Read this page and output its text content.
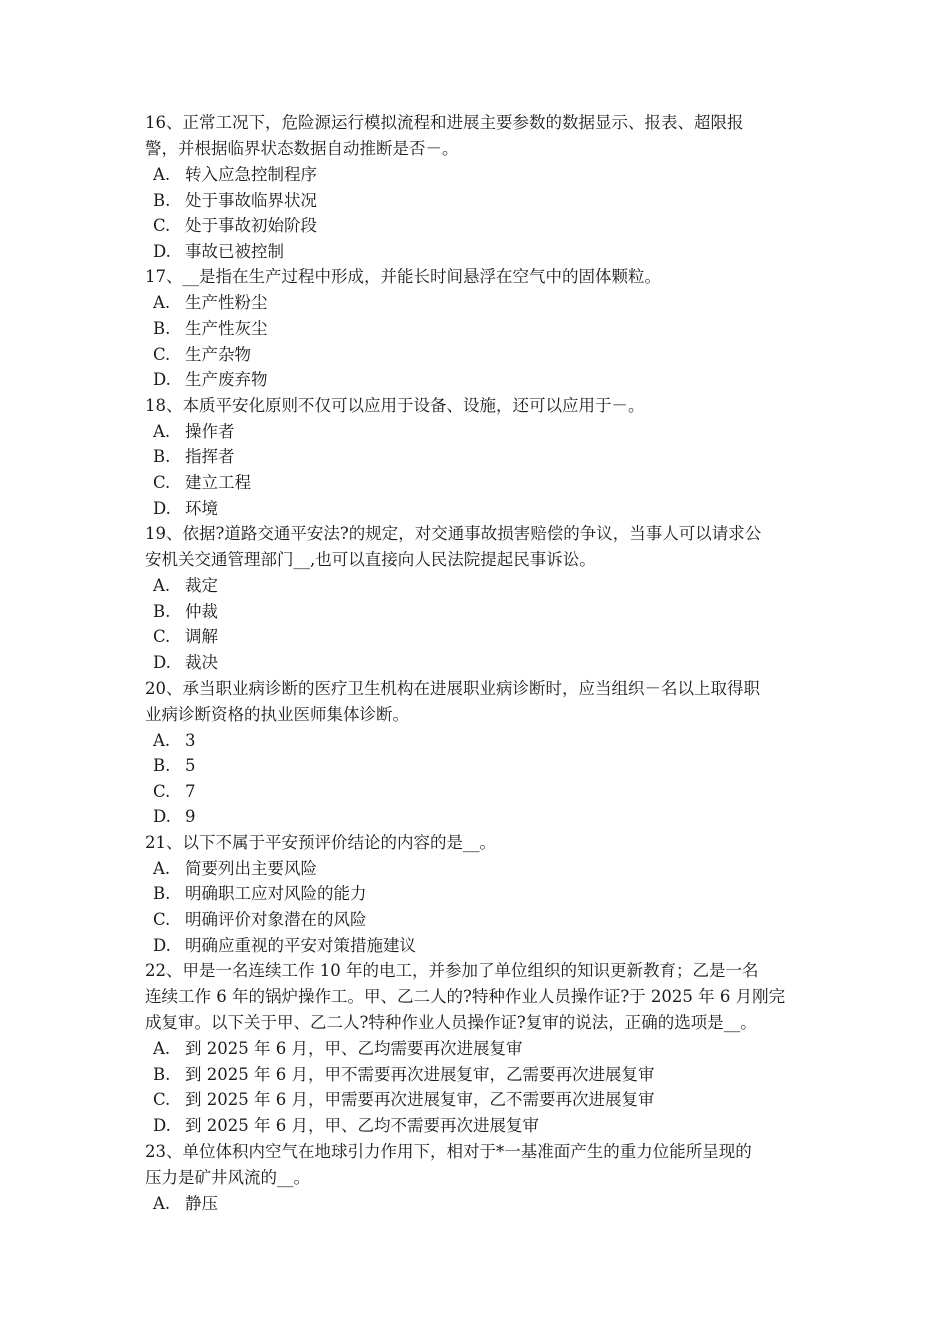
16、正常工况下，危险源运行模拟流程和进展主要参数的数据显示、报表、超限报
警，并根据临界状态数据自动推断是否－。
A. 转入应急控制程序
B. 处于事故临界状况
C. 处于事故初始阶段
D. 事故已被控制
17、__是指在生产过程中形成，并能长时间悬浮在空气中的固体颗粒。
A. 生产性粉尘
B. 生产性灰尘
C. 生产杂物
D. 生产废弃物
18、本质平安化原则不仅可以应用于设备、设施，还可以应用于－。
A. 操作者
B. 指挥者
C. 建立工程
D. 环境
19、依据?道路交通平安法?的规定，对交通事故损害赔偿的争议，当事人可以请求公
安机关交通管理部门__,也可以直接向人民法院提起民事诉讼。
A. 裁定
B. 仲裁
C. 调解
D. 裁决
20、承当职业病诊断的医疗卫生机构在进展职业病诊断时，应当组织－名以上取得职
业病诊断资格的执业医师集体诊断。
A. 3
B. 5
C. 7
D. 9
21、以下不属于平安预评价结论的内容的是__。
A. 简要列出主要风险
B. 明确职工应对风险的能力
C. 明确评价对象潜在的风险
D. 明确应重视的平安对策措施建议
22、甲是一名连续工作 10 年的电工，并参加了单位组织的知识更新教育；乙是一名
连续工作 6 年的锅炉操作工。甲、乙二人的?特种作业人员操作证?于 2025 年 6 月刚完
成复审。以下关于甲、乙二人?特种作业人员操作证?复审的说法，正确的选项是__。
A. 到 2025 年 6 月，甲、乙均需要再次进展复审
B. 到 2025 年 6 月，甲不需要再次进展复审，乙需要再次进展复审
C. 到 2025 年 6 月，甲需要再次进展复审，乙不需要再次进展复审
D. 到 2025 年 6 月，甲、乙均不需要再次进展复审
23、单位体积内空气在地球引力作用下，相对于*一基准面产生的重力位能所呈现的
压力是矿井风流的__。
A. 静压
